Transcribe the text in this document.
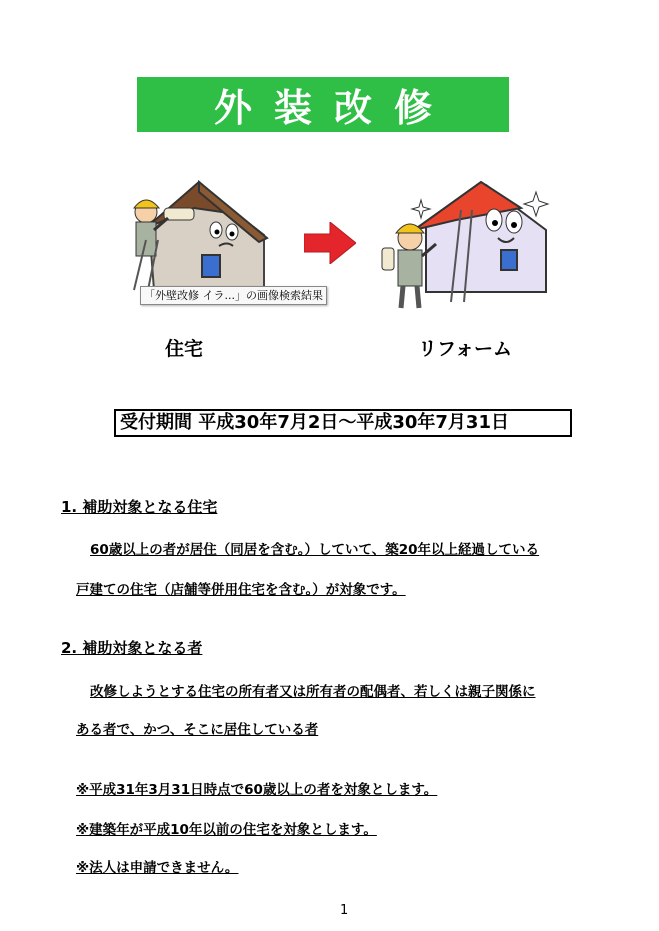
外装改修
「外壁改修 イラ...」の画像検索結果
住宅	リフォーム
受付期間 平成30年7月2日～平成30年7月31日
1. 補助対象となる住宅
60歳以上の者が居住（同居を含む。）していて、築20年以上経過している
戸建ての住宅（店舗等併用住宅を含む。）が対象です。
2. 補助対象となる者
改修しようとする住宅の所有者又は所有者の配偶者、若しくは親子関係に
ある者で、かつ、そこに居住している者
※平成31年3月31日時点で60歳以上の者を対象とします。
※建築年が平成10年以前の住宅を対象とします。
※法人は申請できません。
1
